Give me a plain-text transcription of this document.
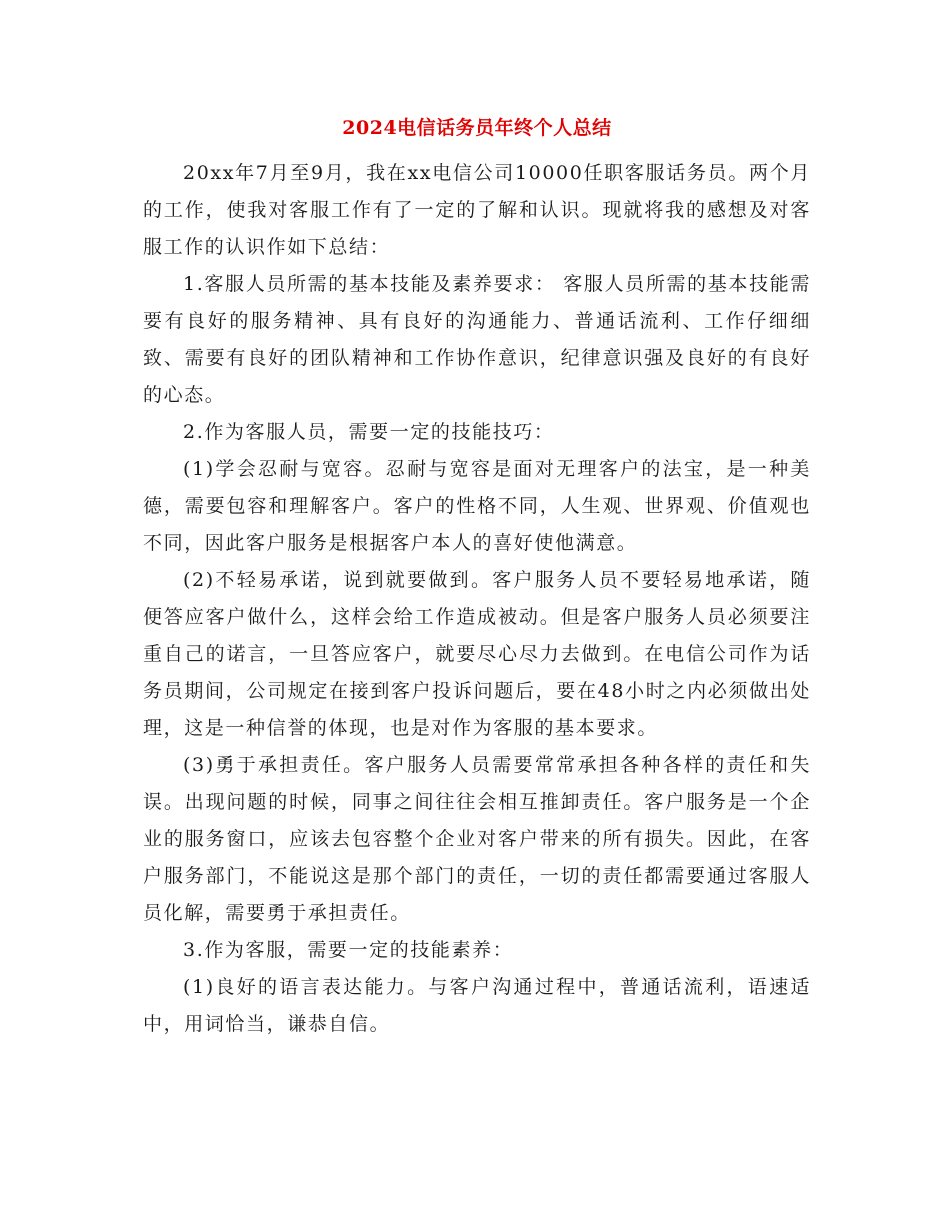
2024电信话务员年终个人总结

20xx年7月至9月，我在xx电信公司10000任职客服话务员。两个月的工作，使我对客服工作有了一定的了解和认识。现就将我的感想及对客服工作的认识作如下总结：

1.客服人员所需的基本技能及素养要求： 客服人员所需的基本技能需要有良好的服务精神、具有良好的沟通能力、普通话流利、工作仔细细致、需要有良好的团队精神和工作协作意识，纪律意识强及良好的有良好的心态。

2.作为客服人员，需要一定的技能技巧：

(1)学会忍耐与宽容。忍耐与宽容是面对无理客户的法宝，是一种美德，需要包容和理解客户。客户的性格不同，人生观、世界观、价值观也不同，因此客户服务是根据客户本人的喜好使他满意。

(2)不轻易承诺，说到就要做到。客户服务人员不要轻易地承诺，随便答应客户做什么，这样会给工作造成被动。但是客户服务人员必须要注重自己的诺言，一旦答应客户，就要尽心尽力去做到。在电信公司作为话务员期间，公司规定在接到客户投诉问题后，要在48小时之内必须做出处理，这是一种信誉的体现，也是对作为客服的基本要求。

(3)勇于承担责任。客户服务人员需要常常承担各种各样的责任和失误。出现问题的时候，同事之间往往会相互推卸责任。客户服务是一个企业的服务窗口，应该去包容整个企业对客户带来的所有损失。因此，在客户服务部门，不能说这是那个部门的责任，一切的责任都需要通过客服人员化解，需要勇于承担责任。

3.作为客服，需要一定的技能素养：

(1)良好的语言表达能力。与客户沟通过程中，普通话流利，语速适中，用词恰当，谦恭自信。
